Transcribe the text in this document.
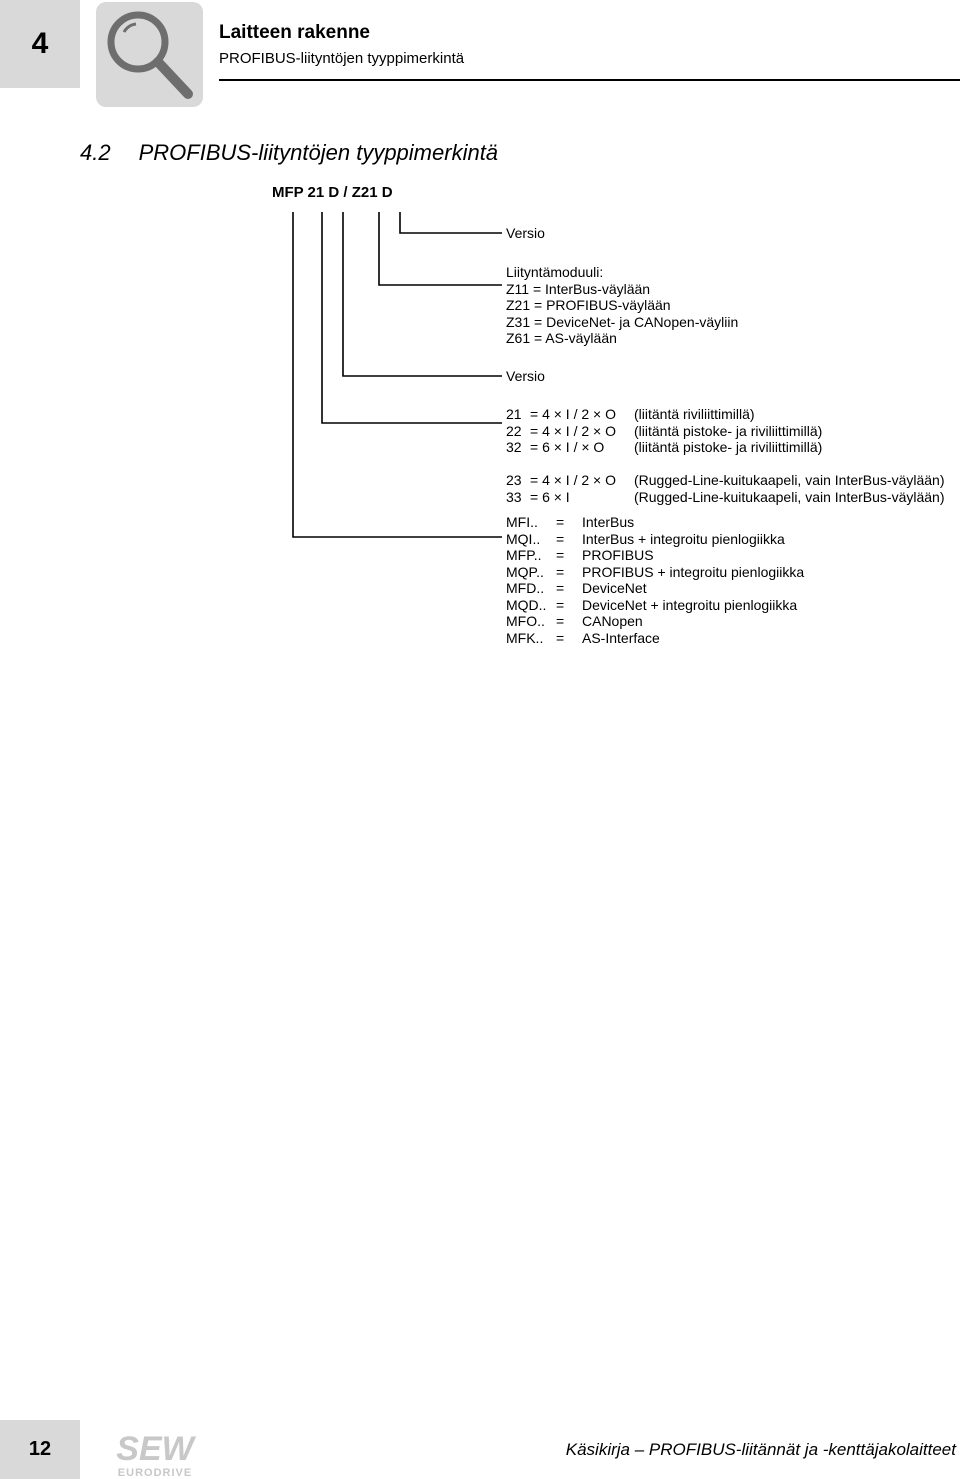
4	Laitteen rakenne
PROFIBUS-liityntöjen tyyppimerkintä
4.2 PROFIBUS-liityntöjen tyyppimerkintä
MFP 21 D / Z21 D
Versio
Liityntämoduuli:
Z11 = InterBus-väylään
Z21 = PROFIBUS-väylään
Z31 = DeviceNet- ja CANopen-väyliin
Z61 = AS-väylään
Versio
21 = 4 × I / 2 × O	(liitäntä riviliittimillä)
22 = 4 × I / 2 × O	(liitäntä pistoke- ja riviliittimillä)
32 = 6 × I / × O	(liitäntä pistoke- ja riviliittimillä)
23 = 4 × I / 2 × O	(Rugged-Line-kuitukaapeli, vain InterBus-väylään)
33 = 6 × I	(Rugged-Line-kuitukaapeli, vain InterBus-väylään)
MFI..	=	InterBus
MQI..	=	InterBus + integroitu pienlogiikka
MFP..	=	PROFIBUS
MQP.. =	PROFIBUS + integroitu pienlogiikka
MFD.. =	DeviceNet
MQD.. =	DeviceNet + integroitu pienlogiikka
MFO.. =	CANopen
MFK.. =	AS-Interface
12	SEW
EURODRIVE
Käsikirja – PROFIBUS-liitännät ja -kenttäjakolaitteet
